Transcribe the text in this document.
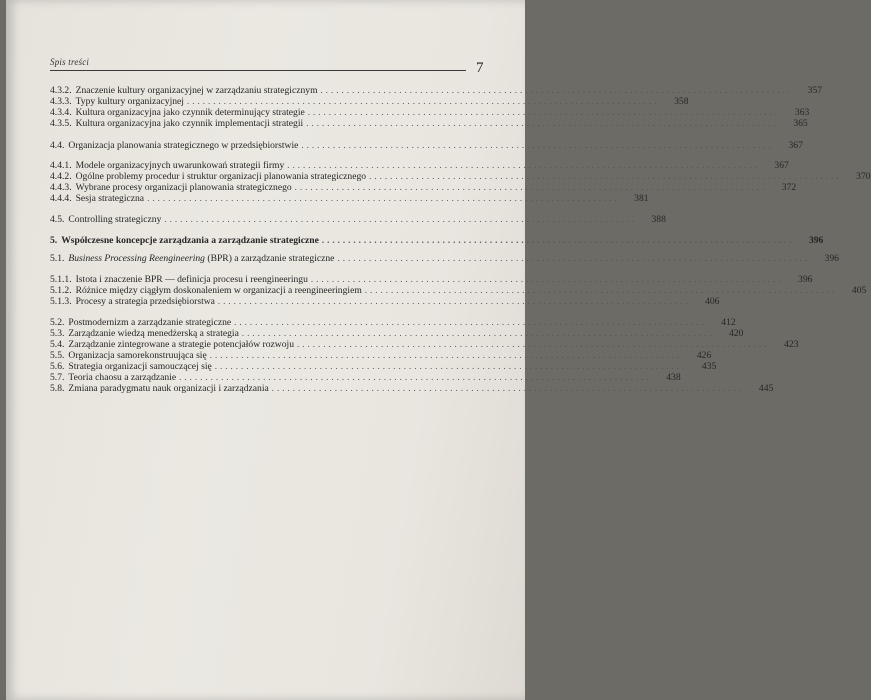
Spis treści	7
4.3.2. Znaczenie kultury organizacyjnej w zarządzaniu strategicznym ..........................................................................................	357
4.3.3. Typy kultury organizacyjnej ..........................................................................................	358
4.3.4. Kultura organizacyjna jako czynnik determinujący strategie ..........................................................................................	363
4.3.5. Kultura organizacyjna jako czynnik implementacji strategii ..........................................................................................	365
4.4. Organizacja planowania strategicznego w przedsiębiorstwie ..........................................................................................	367
4.4.1. Modele organizacyjnych uwarunkowań strategii firmy ..........................................................................................	367
4.4.2. Ogólne problemy procedur i struktur organizacji planowania strategicznego ..........................................................................................	370
4.4.3. Wybrane procesy organizacji planowania strategicznego ..........................................................................................	372
4.4.4. Sesja strategiczna ..........................................................................................	381
4.5. Controlling strategiczny ..........................................................................................	388
5. Współczesne koncepcje zarządzania a zarządzanie strategiczne ..........................................................................................	396
5.1. Business Processing Reengineering (BPR) a zarządzanie strategiczne ..........................................................................................	396
5.1.1. Istota i znaczenie BPR — definicja procesu i reengineeringu ..........................................................................................	396
5.1.2. Różnice między ciągłym doskonaleniem w organizacji a reengineeringiem ..........................................................................................	405
5.1.3. Procesy a strategia przedsiębiorstwa ..........................................................................................	406
5.2. Postmodernizm a zarządzanie strategiczne ..........................................................................................	412
5.3. Zarządzanie wiedzą menedżerską a strategia ..........................................................................................	420
5.4. Zarządzanie zintegrowane a strategie potencjałów rozwoju ..........................................................................................	423
5.5. Organizacja samorekonstruująca się ..........................................................................................	426
5.6. Strategia organizacji samouczącej się ..........................................................................................	435
5.7. Teoria chaosu a zarządzanie ..........................................................................................	438
5.8. Zmiana paradygmatu nauk organizacji i zarządzania ..........................................................................................	445
